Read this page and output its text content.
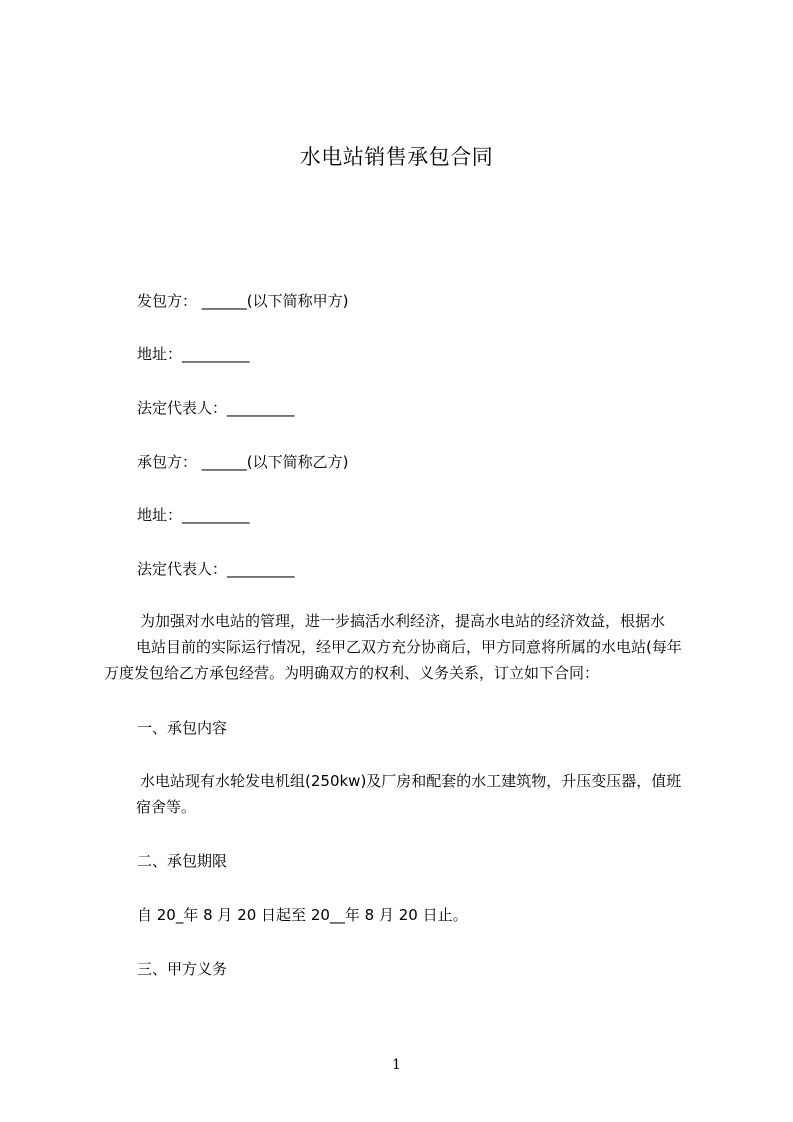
水电站销售承包合同
发包方： ______(以下简称甲方)
地址：_________
法定代表人：_________
承包方： ______(以下简称乙方)
地址：_________
法定代表人：_________

为加强对水电站的管理，进一步搞活水利经济，提高水电站的经济效益，根据水

电站目前的实际运行情况，经甲乙双方充分协商后，甲方同意将所属的水电站(每年

万度发包给乙方承包经营。为明确双方的权利、义务关系，订立如下合同：

一、承包内容

水电站现有水轮发电机组(250kw)及厂房和配套的水工建筑物，升压变压器，值班

宿舍等。

二、承包期限
自 20_年 8 月 20 日起至 20__年 8 月 20 日止。
三、甲方义务
1
